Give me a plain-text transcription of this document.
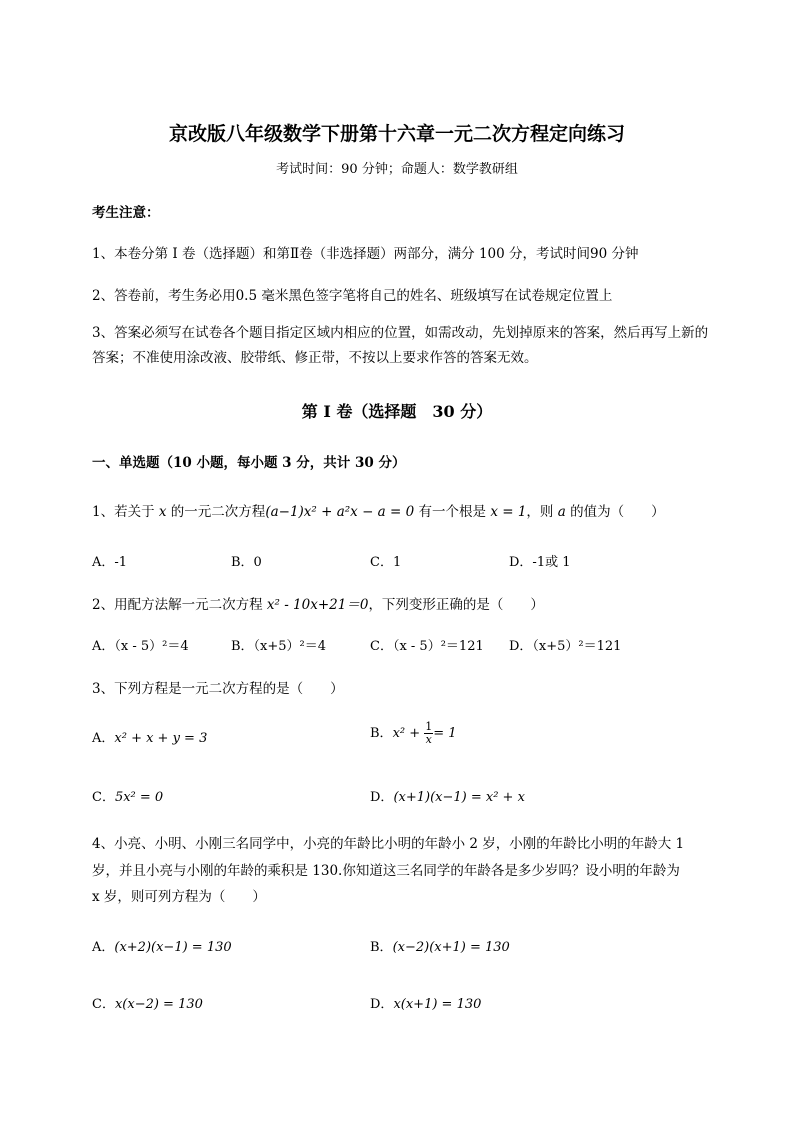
京改版八年级数学下册第十六章一元二次方程定向练习
考试时间：90 分钟；命题人：数学教研组
考生注意：
1、本卷分第 I 卷（选择题）和第Ⅱ卷（非选择题）两部分，满分 100 分，考试时间90 分钟
2、答卷前，考生务必用0.5 毫米黑色签字笔将自己的姓名、班级填写在试卷规定位置上
3、答案必须写在试卷各个题目指定区域内相应的位置，如需改动，先划掉原来的答案，然后再写上新的答案；不准使用涂改液、胶带纸、修正带，不按以上要求作答的答案无效。
第 I 卷（选择题　30 分）
一、单选题（10 小题，每小题 3 分，共计 30 分）
1、若关于 x 的一元二次方程(a−1)x² + a²x − a = 0 有一个根是 x = 1，则 a 的值为（　　）
A．-1	B．0	C．1	D．-1或 1
2、用配方法解一元二次方程 x² - 10x+21＝0，下列变形正确的是（　　）
A．（x - 5）²＝4	B．（x+5）²＝4	C．（x - 5）²＝121 D．（x+5）²＝121
3、下列方程是一元二次方程的是（　　）
A．x² + x + y = 3	B．$x^2 + \frac{1}{x} = 1$
C．5x² = 0	D．(x+1)(x−1) = x² + x
4、小亮、小明、小刚三名同学中，小亮的年龄比小明的年龄小 2 岁，小刚的年龄比小明的年龄大 1
岁，并且小亮与小刚的年龄的乘积是 130.你知道这三名同学的年龄各是多少岁吗？设小明的年龄为
x 岁，则可列方程为（　　）
A．(x+2)(x−1) = 130	B．(x−2)(x+1) = 130
C．x(x−2) = 130	D．x(x+1) = 130
